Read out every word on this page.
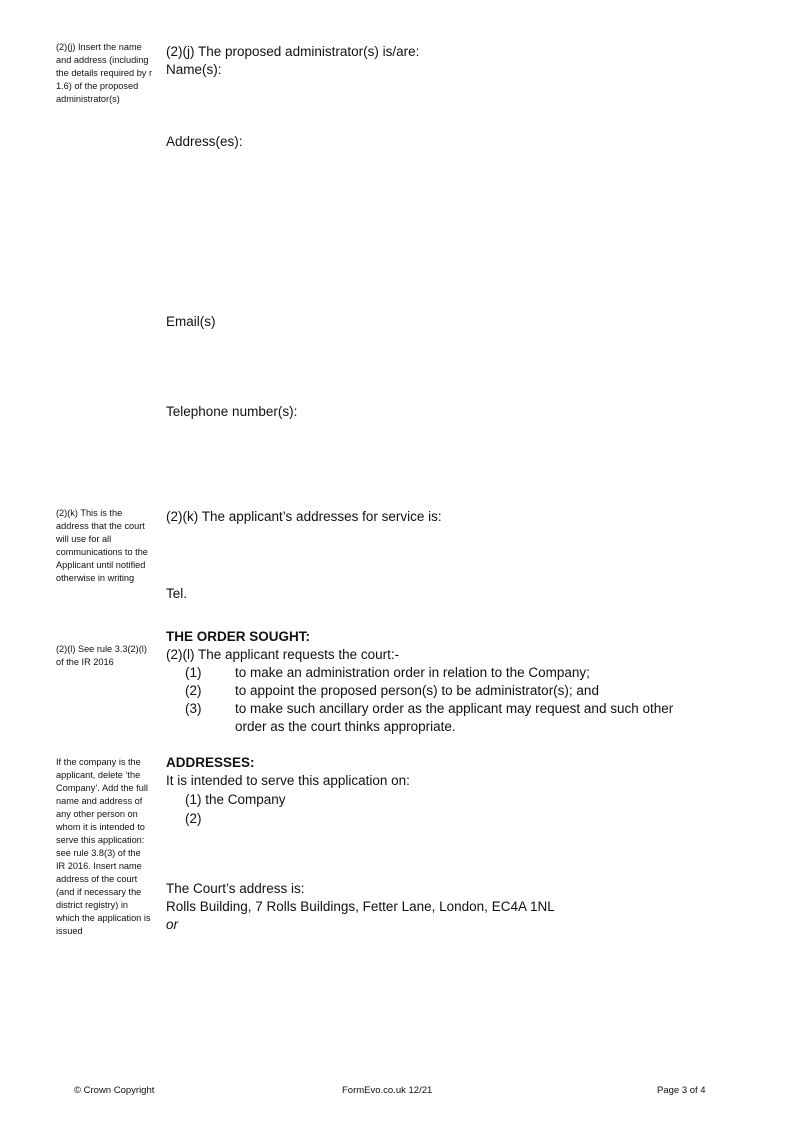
(2)(j) Insert the name and address (including the details required by r 1.6) of the proposed administrator(s)
(2)(k) This is the address that the court will use for all communications to the Applicant until notified otherwise in writing
(2)(l) See rule 3.3(2)(l) of the IR 2016
If the company is the applicant, delete ‘the Company’. Add the full name and address of any other person on whom it is intended to serve this application: see rule 3.8(3) of the IR 2016. Insert name address of the court (and if necessary the district registry) in which the application is issued
(2)(j) The proposed administrator(s) is/are:
Name(s):
Address(es):
Email(s)
Telephone number(s):
(2)(k) The applicant’s addresses for service is:
Tel.
THE ORDER SOUGHT:
(2)(l) The applicant requests the court:-
(1) to make an administration order in relation to the Company;
(2) to appoint the proposed person(s) to be administrator(s); and
(3) to make such ancillary order as the applicant may request and such other order as the court thinks appropriate.
ADDRESSES:
It is intended to serve this application on:
(1) the Company
(2)
The Court’s address is:
Rolls Building, 7 Rolls Buildings, Fetter Lane, London, EC4A 1NL
or
© Crown Copyright	FormEvo.co.uk 12/21	Page 3 of 4
